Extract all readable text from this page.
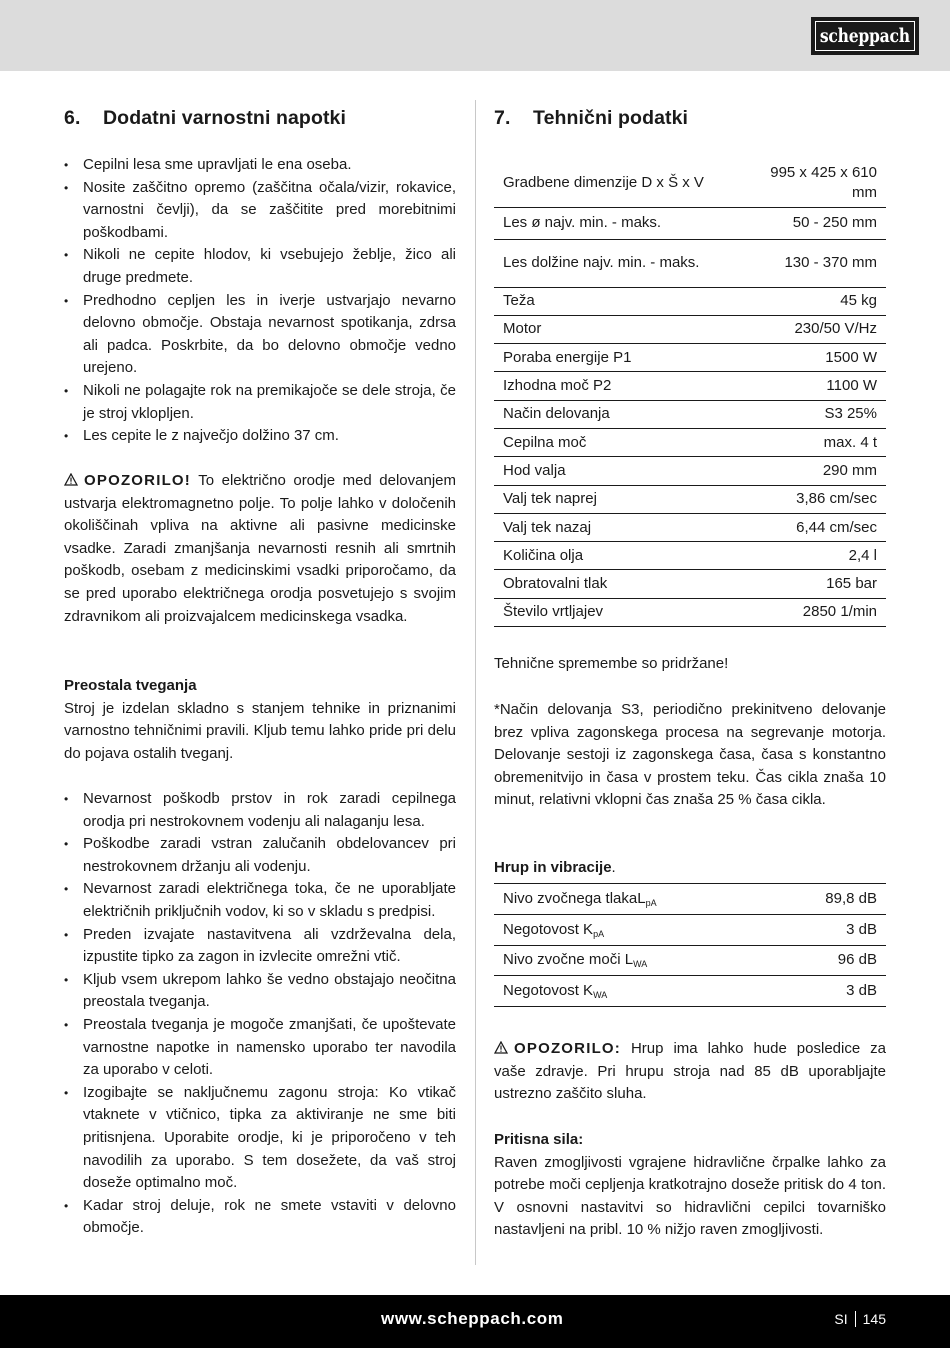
scheppach
6. Dodatni varnostni napotki
• Cepilni lesa sme upravljati le ena oseba.
• Nosite zaščitno opremo (zaščitna očala/vizir, rokavice, varnostni čevlji), da se zaščitite pred morebitnimi poškodbami.
• Nikoli ne cepite hlodov, ki vsebujejo žeblje, žico ali druge predmete.
• Predhodno cepljen les in iverje ustvarjajo nevarno delovno območje. Obstaja nevarnost spotikanja, zdrsa ali padca. Poskrbite, da bo delovno območje vedno urejeno.
• Nikoli ne polagajte rok na premikajoče se dele stroja, če je stroj vklopljen.
• Les cepite le z največjo dolžino 37 cm.

OPOZORILO! To električno orodje med delovanjem ustvarja elektromagnetno polje. To polje lahko v določenih okoliščinah vpliva na aktivne ali pasivne medicinske vsadke. Zaradi zmanjšanja nevarnosti resnih ali smrtnih poškodb, osebam z medicinskimi vsadki priporočamo, da se pred uporabo električnega orodja posvetujejo s svojim zdravnikom ali proizvajalcem medicinskega vsadka.

Preostala tveganja

Stroj je izdelan skladno s stanjem tehnike in priznanimi varnostno tehničnimi pravili. Kljub temu lahko pride pri delu do pojava ostalih tveganj.

• Nevarnost poškodb prstov in rok zaradi cepilnega orodja pri nestrokovnem vodenju ali nalaganju lesa.
• Poškodbe zaradi vstran zalučanih obdelovancev pri nestrokovnem držanju ali vodenju.
• Nevarnost zaradi električnega toka, če ne uporabljate električnih priključnih vodov, ki so v skladu s predpisi.
• Preden izvajate nastavitvena ali vzdrževalna dela, izpustite tipko za zagon in izvlecite omrežni vtič.
• Kljub vsem ukrepom lahko še vedno obstajajo neočitna preostala tveganja.
• Preostala tveganja je mogoče zmanjšati, če upoštevate varnostne napotke in namensko uporabo ter navodila za uporabo v celoti.
• Izogibajte se naključnemu zagonu stroja: Ko vtikač vtaknete v vtičnico, tipka za aktiviranje ne sme biti pritisnjena. Uporabite orodje, ki je priporočeno v teh navodilih za uporabo. S tem dosežete, da vaš stroj doseže optimalno moč.
• Kadar stroj deluje, rok ne smete vstaviti v delovno območje.
7. Tehnični podatki
Gradbene dimenzije D x Š x V	995 x 425 x 610 mm
Les ø najv. min. - maks.	50 - 250 mm
Les dolžine najv. min. - maks.	130 - 370 mm
Teža	45 kg
Motor	230/50 V/Hz
Poraba energije P1	1500 W
Izhodna moč P2	1100 W
Način delovanja	S3 25%
Cepilna moč	max. 4 t
Hod valja	290 mm
Valj tek naprej	3,86 cm/sec
Valj tek nazaj	6,44 cm/sec
Količina olja	2,4 l
Obratovalni tlak	165 bar
Število vrtljajev	2850 1/min

Tehnične spremembe so pridržane!

*Način delovanja S3, periodično prekinitveno delovanje brez vpliva zagonskega procesa na segrevanje motorja. Delovanje sestoji iz zagonskega časa, časa s konstantno obremenitvijo in časa v prostem teku. Čas cikla znaša 10 minut, relativni vklopni čas znaša 25 % časa cikla.

Hrup in vibracije.
Nivo zvočnega tlakaL$_{pA}$	89,8 dB
Negotovost $K_{pA}$	3 dB
Nivo zvočne moči $L_{WA}$	96 dB
Negotovost $K_{WA}$	3 dB

OPOZORILO: Hrup ima lahko hude posledice za vaše zdravje. Pri hrupu stroja nad 85 dB uporabljajte ustrezno zaščito sluha.

Pritisna sila:

Raven zmogljivosti vgrajene hidravlične črpalke lahko za potrebe moči cepljenja kratkotrajno doseže pritisk do 4 ton. V osnovni nastavitvi so hidravlični cepilci tovarniško nastavljeni na pribl. 10 % nižjo raven zmogljivosti.

www.scheppach.com	SI 145
